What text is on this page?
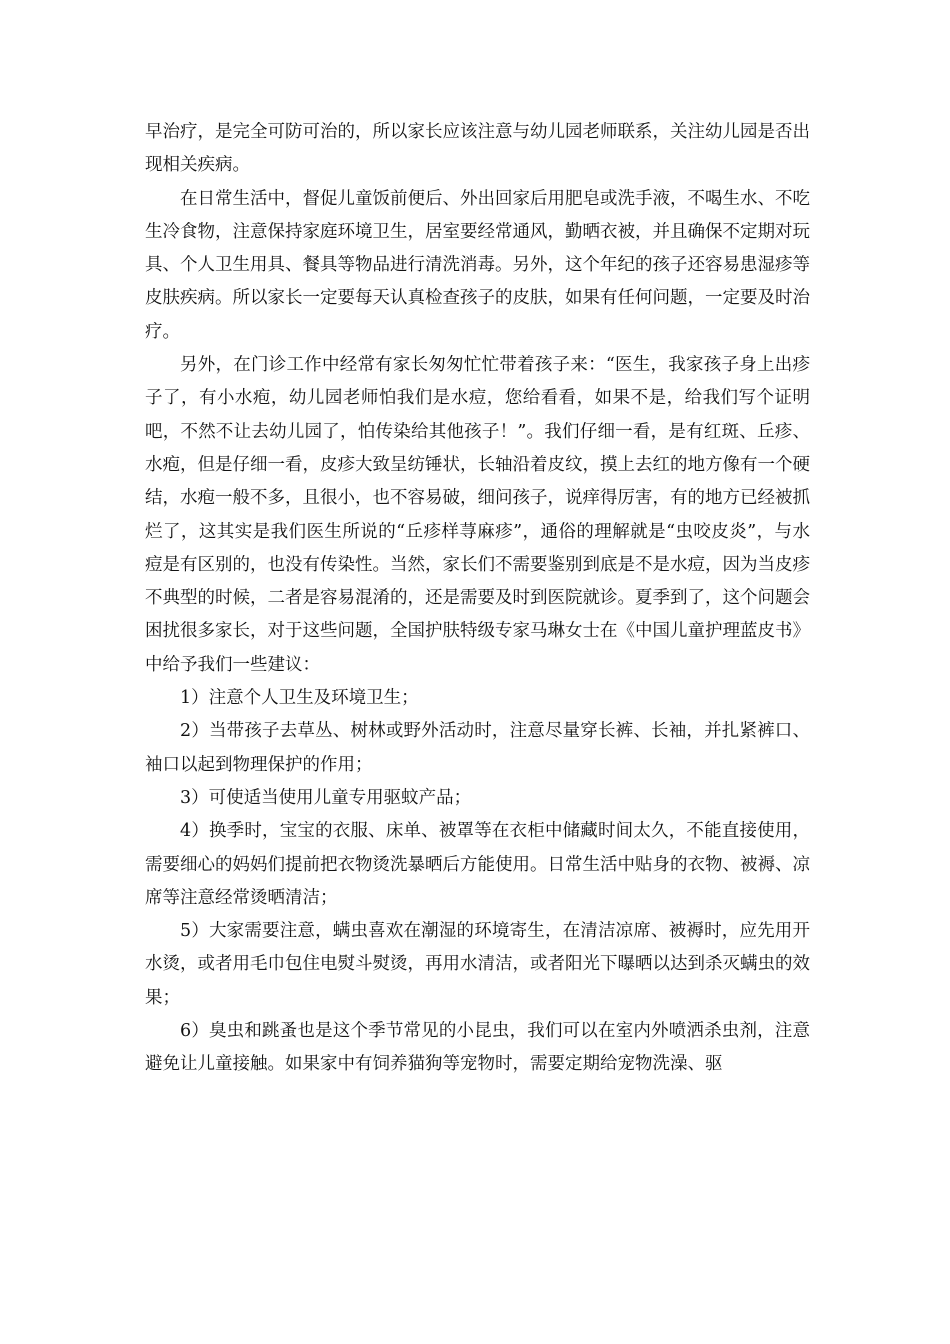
早治疗，是完全可防可治的，所以家长应该注意与幼儿园老师联系，关注幼儿园是否出现相关疾病。

在日常生活中，督促儿童饭前便后、外出回家后用肥皂或洗手液，不喝生水、不吃生冷食物，注意保持家庭环境卫生，居室要经常通风，勤晒衣被，并且确保不定期对玩具、个人卫生用具、餐具等物品进行清洗消毒。另外，这个年纪的孩子还容易患湿疹等皮肤疾病。所以家长一定要每天认真检查孩子的皮肤，如果有任何问题，一定要及时治疗。

另外，在门诊工作中经常有家长匆匆忙忙带着孩子来：“医生，我家孩子身上出疹子了，有小水疱，幼儿园老师怕我们是水痘，您给看看，如果不是，给我们写个证明吧，不然不让去幼儿园了，怕传染给其他孩子！”。我们仔细一看，是有红斑、丘疹、水疱，但是仔细一看，皮疹大致呈纺锤状，长轴沿着皮纹，摸上去红的地方像有一个硬结，水疱一般不多，且很小，也不容易破，细问孩子，说痒得厉害，有的地方已经被抓烂了，这其实是我们医生所说的“丘疹样荨麻疹”，通俗的理解就是“虫咬皮炎”，与水痘是有区别的，也没有传染性。当然，家长们不需要鉴别到底是不是水痘，因为当皮疹不典型的时候，二者是容易混淆的，还是需要及时到医院就诊。夏季到了，这个问题会困扰很多家长，对于这些问题，全国护肤特级专家马琳女士在《中国儿童护理蓝皮书》中给予我们一些建议：

1）注意个人卫生及环境卫生；

2）当带孩子去草丛、树林或野外活动时，注意尽量穿长裤、长袖，并扎紧裤口、袖口以起到物理保护的作用；

3）可使适当使用儿童专用驱蚊产品；

4）换季时，宝宝的衣服、床单、被罩等在衣柜中储藏时间太久，不能直接使用，需要细心的妈妈们提前把衣物烫洗暴晒后方能使用。日常生活中贴身的衣物、被褥、凉席等注意经常烫晒清洁；

5）大家需要注意，螨虫喜欢在潮湿的环境寄生，在清洁凉席、被褥时，应先用开水烫，或者用毛巾包住电熨斗熨烫，再用水清洁，或者阳光下曝晒以达到杀灭螨虫的效果；

6）臭虫和跳蚤也是这个季节常见的小昆虫，我们可以在室内外喷洒杀虫剂，注意避免让儿童接触。如果家中有饲养猫狗等宠物时，需要定期给宠物洗澡、驱
